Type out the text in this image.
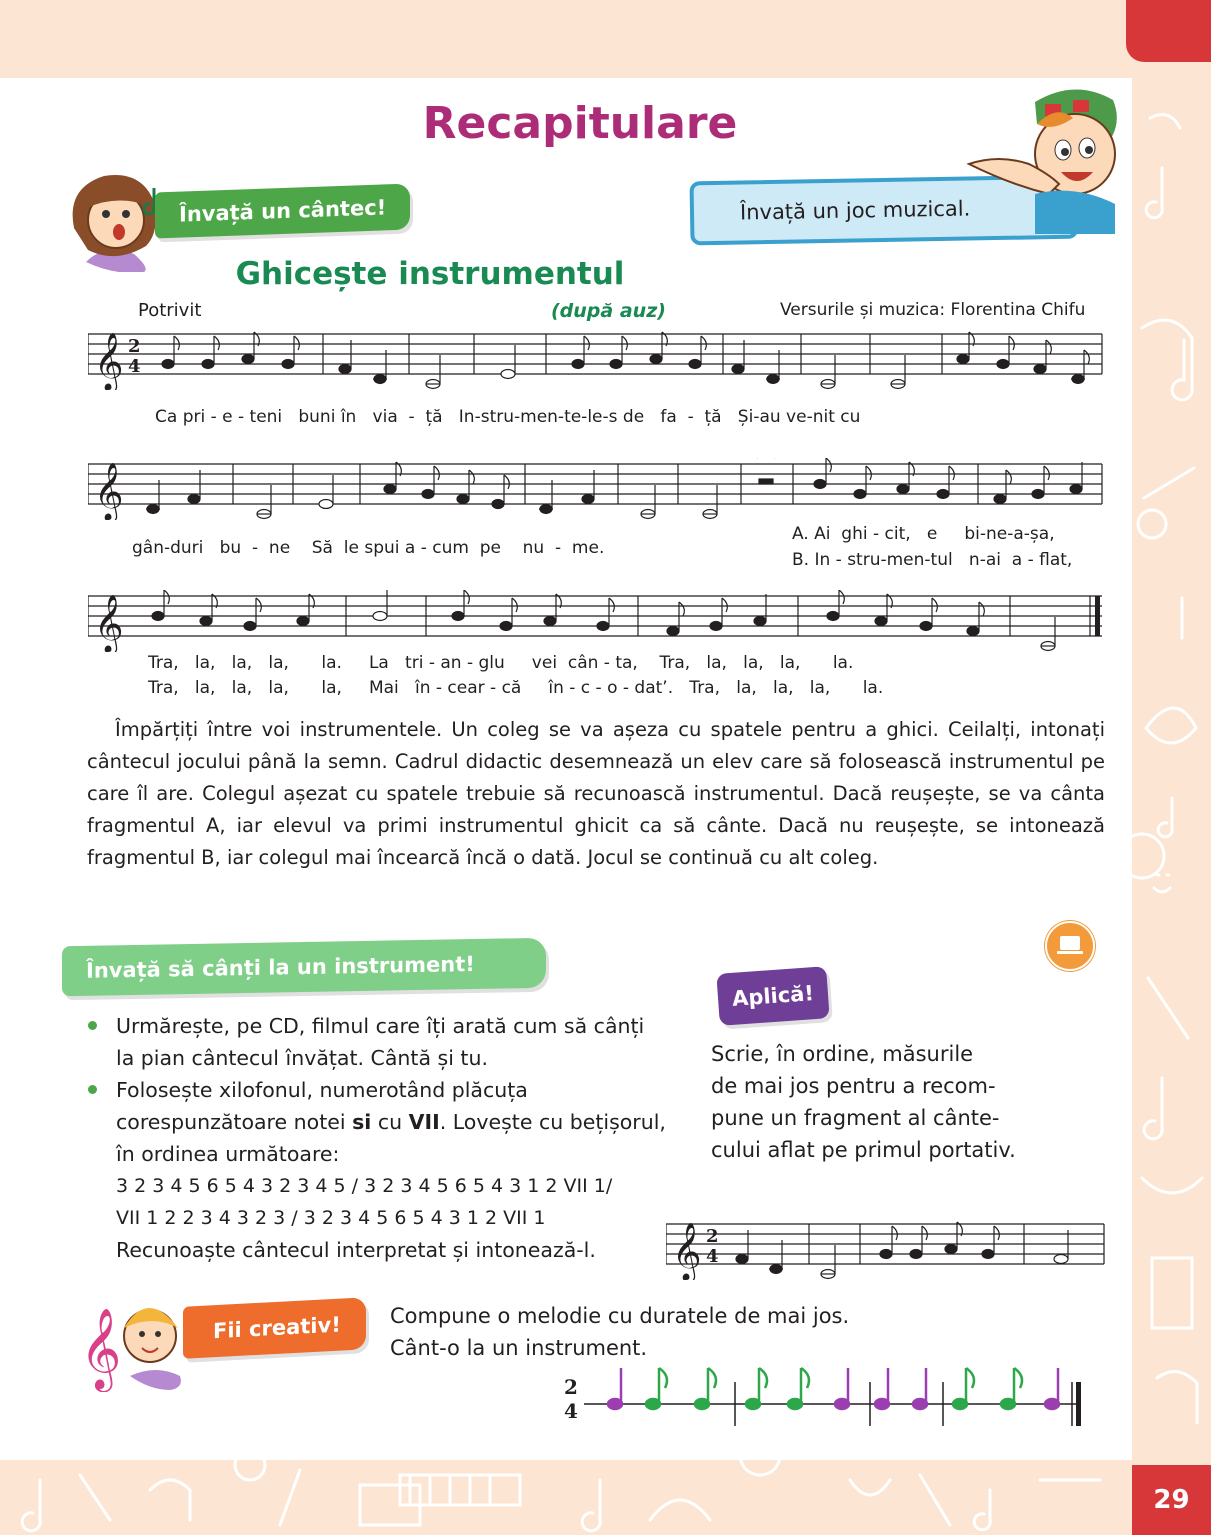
29
Recapitulare
Învață un cântec!	Învață un joc muzical.
Ghicește instrumentul
Potrivit	(după auz)	Versurile și muzica: Florentina Chifu
𝄞 2
4
Ca pri - e - teni   buni în   via  -  ță   In-stru-men-te-le-s de   fa  -  ță   Și-au ve-nit cu
𝄞
gân-duri   bu  -  ne    Să  le spui a - cum  pe    nu  -  me.
A. Ai  ghi - cit,   e     bi-ne-a-șa,
B. In - stru-men-tul   n-ai  a - flat,
𝄞
Tra,   la,   la,   la,      la.     La   tri - an - glu     vei  cân - ta,    Tra,   la,   la,   la,      la.
Tra,   la,   la,   la,      la,     Mai   în - cear - că     în - c - o - dat’.   Tra,   la,   la,   la,      la.

Împărțiți între voi instrumentele. Un coleg se va așeza cu spatele pentru a ghici. Ceilalți, intonați cântecul jocului până la semn. Cadrul didactic desemnează un elev care să folosească instrumentul pe care îl are. Colegul așezat cu spatele trebuie să recunoască instrumentul. Dacă reușește, se va cânta fragmentul A, iar elevul va primi instrumentul ghicit ca să cânte. Dacă nu reușește, se intonează fragmentul B, iar colegul mai încearcă încă o dată. Jocul se continuă cu alt coleg.

Învață să cânți la un instrument!
Urmărește, pe CD, filmul care îți arată cum să cânți la pian cântecul învățat. Cântă și tu.
Folosește xilofonul, numerotând plăcuța corespunzătoare notei si cu VII. Lovește cu bețișorul, în ordinea următoare:
3 2 3 4 5 6 5 4 3 2 3 4 5 / 3 2 3 4 5 6 5 4 3 1 2 VII 1/
VII 1 2 2 3 4 3 2 3 / 3 2 3 4 5 6 5 4 3 1 2 VII 1
Recunoaște cântecul interpretat și intonează-l.
Aplică!
Scrie, în ordine, măsurile
de mai jos pentru a recom-
pune un fragment al cânte-
cului aflat pe primul portativ.
𝄞 2
4
𝄞	Fii creativ!	Compune o melodie cu duratele de mai jos.
Cânt-o la un instrument.
2
4
